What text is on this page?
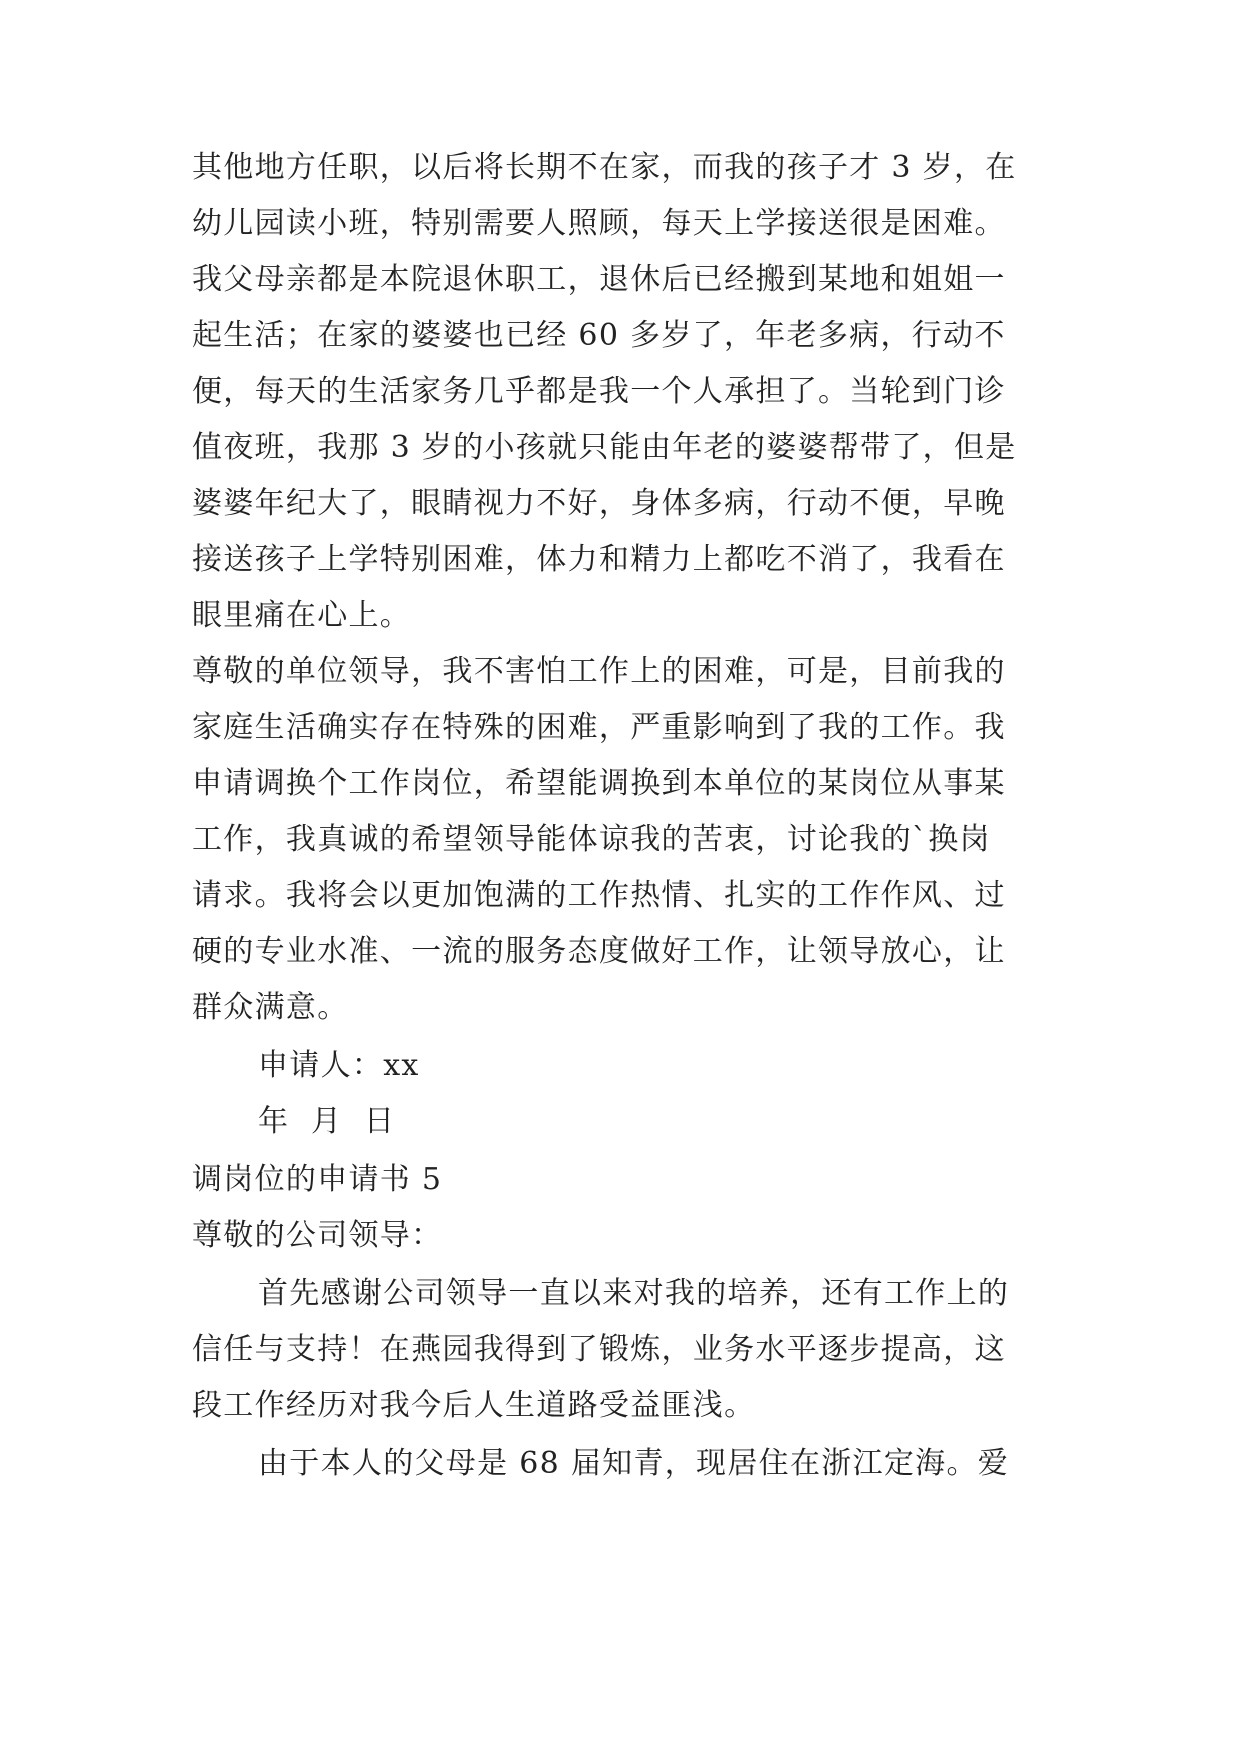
其他地方任职，以后将长期不在家，而我的孩子才 3 岁，在
幼儿园读小班，特别需要人照顾，每天上学接送很是困难。
我父母亲都是本院退休职工，退休后已经搬到某地和姐姐一
起生活；在家的婆婆也已经 60 多岁了，年老多病，行动不
便，每天的生活家务几乎都是我一个人承担了。当轮到门诊
值夜班，我那 3 岁的小孩就只能由年老的婆婆帮带了，但是
婆婆年纪大了，眼睛视力不好，身体多病，行动不便，早晚
接送孩子上学特别困难，体力和精力上都吃不消了，我看在
眼里痛在心上。
尊敬的单位领导，我不害怕工作上的困难，可是，目前我的
家庭生活确实存在特殊的困难，严重影响到了我的工作。我
申请调换个工作岗位，希望能调换到本单位的某岗位从事某
工作，我真诚的希望领导能体谅我的苦衷，讨论我的`换岗
请求。我将会以更加饱满的工作热情、扎实的工作作风、过
硬的专业水准、一流的服务态度做好工作，让领导放心，让
群众满意。
申请人：xx
年  月  日
调岗位的申请书 5
尊敬的公司领导：
首先感谢公司领导一直以来对我的培养，还有工作上的
信任与支持！在燕园我得到了锻炼，业务水平逐步提高，这
段工作经历对我今后人生道路受益匪浅。
由于本人的父母是 68 届知青，现居住在浙江定海。爱
